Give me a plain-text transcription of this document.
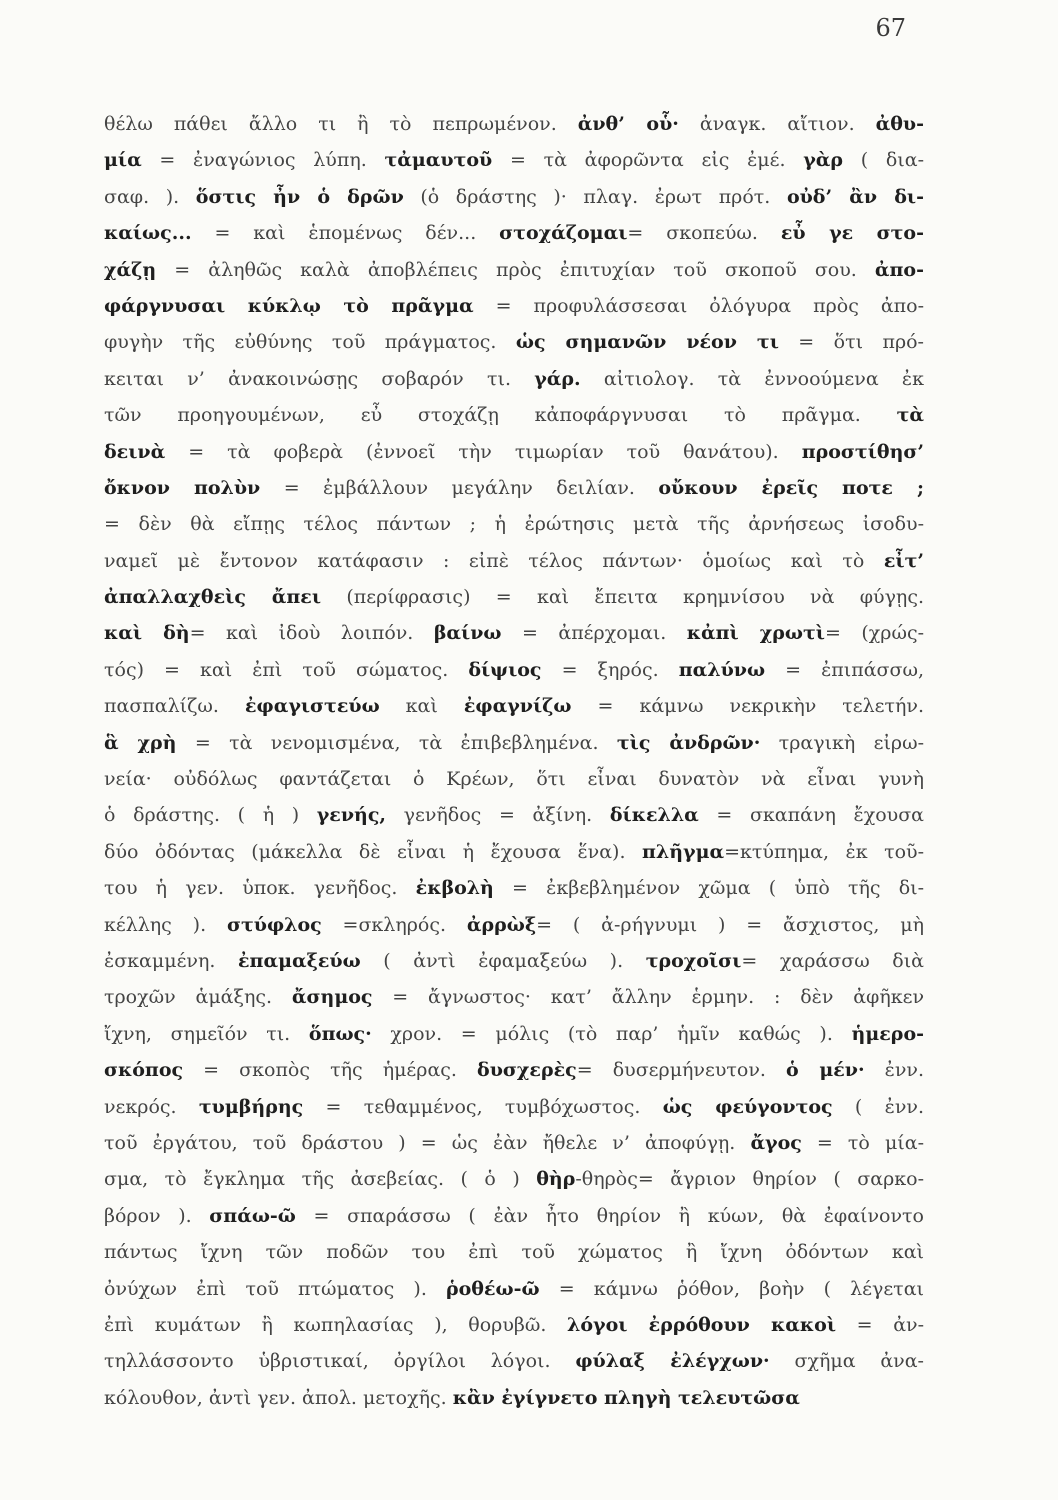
67
θέλω πάθει ἄλλο τι ἢ τὸ πεπρωμένον. ἀνθ’ οὗ· ἀναγκ. αἴτιον. ἀθυ-
μία = ἐναγώνιος λύπη. τἀμαυτοῦ = τὰ ἀφορῶντα εἰς ἐμέ. γὰρ ( δια-
σαφ. ). ὅστις ἦν ὁ δρῶν (ὁ δράστης )· πλαγ. ἐρωτ πρότ. οὐδ’ ἂν δι-
καίως... = καὶ ἑπομένως δέν... στοχάζομαι= σκοπεύω. εὖ γε στο-
χάζῃ = ἀληθῶς καλὰ ἀποβλέπεις πρὸς ἐπιτυχίαν τοῦ σκοποῦ σου. ἀπο-
φάργνυσαι κύκλῳ τὸ πρᾶγμα = προφυλάσσεσαι ὀλόγυρα πρὸς ἀπο-
φυγὴν τῆς εὐθύνης τοῦ πράγματος. ὡς σημανῶν νέον τι = ὅτι πρό-
κειται ν’ ἀνακοινώσῃς σοβαρόν τι. γάρ. αἰτιολογ. τὰ ἐννοούμενα ἐκ
τῶν προηγουμένων, εὖ στοχάζῃ κἀποφάργνυσαι τὸ πρᾶγμα. τὰ
δεινὰ = τὰ φοβερὰ (ἐννοεῖ τὴν τιμωρίαν τοῦ θανάτου). προστίθησ’
ὄκνον πολὺν = ἐμβάλλουν μεγάλην δειλίαν. οὔκουν ἐρεῖς ποτε ;
= δὲν θὰ εἴπῃς τέλος πάντων ; ἡ ἐρώτησις μετὰ τῆς ἀρνήσεως ἰσοδυ-
ναμεῖ μὲ ἔντονον κατάφασιν : εἰπὲ τέλος πάντων· ὁμοίως καὶ τὸ εἶτ’
ἀπαλλαχθεὶς ἄπει (περίφρασις) = καὶ ἔπειτα κρημνίσου νὰ φύγῃς.
καὶ δὴ= καὶ ἰδοὺ λοιπόν. βαίνω = ἀπέρχομαι. κἀπὶ χρωτὶ= (χρώς-
τός) = καὶ ἐπὶ τοῦ σώματος. δίψιος = ξηρός. παλύνω = ἐπιπάσσω,
πασπαλίζω. ἐφαγιστεύω καὶ ἐφαγνίζω = κάμνω νεκρικὴν τελετήν.
ἃ χρὴ = τὰ νενομισμένα, τὰ ἐπιβεβλημένα. τὶς ἀνδρῶν· τραγικὴ εἰρω-
νεία· οὐδόλως φαντάζεται ὁ Κρέων, ὅτι εἶναι δυνατὸν νὰ εἶναι γυνὴ
ὁ δράστης. ( ἡ ) γενής, γενῆδος = ἀξίνη. δίκελλα = σκαπάνη ἔχουσα
δύο ὀδόντας (μάκελλα δὲ εἶναι ἡ ἔχουσα ἕνα). πλῆγμα=κτύπημα, ἐκ τοῦ-
του ἡ γεν. ὑποκ. γενῆδος. ἐκβολὴ = ἐκβεβλημένον χῶμα ( ὑπὸ τῆς δι-
κέλλης ). στύφλος =σκληρός. ἀρρὼξ= ( ἀ-ρήγνυμι ) = ἄσχιστος, μὴ
ἐσκαμμένη. ἐπαμαξεύω ( ἀντὶ ἐφαμαξεύω ). τροχοῖσι= χαράσσω διὰ
τροχῶν ἁμάξης. ἄσημος = ἄγνωστος· κατ’ ἄλλην ἑρμην. : δὲν ἀφῆκεν
ἴχνη, σημεῖόν τι. ὅπως· χρον. = μόλις (τὸ παρ’ ἡμῖν καθώς ). ἡμερο-
σκόπος = σκοπὸς τῆς ἡμέρας. δυσχερὲς= δυσερμήνευτον. ὁ μέν· ἐνν.
νεκρός. τυμβήρης = τεθαμμένος, τυμβόχωστος. ὡς φεύγοντος ( ἐνν.
τοῦ ἐργάτου, τοῦ δράστου ) = ὡς ἐὰν ἤθελε ν’ ἀποφύγῃ. ἄγος = τὸ μία-
σμα, τὸ ἔγκλημα τῆς ἀσεβείας. ( ὁ ) θὴρ-θηρὸς= ἄγριον θηρίον ( σαρκο-
βόρον ). σπάω-ῶ = σπαράσσω ( ἐὰν ἦτο θηρίον ἢ κύων, θὰ ἐφαίνοντο
πάντως ἴχνη τῶν ποδῶν του ἐπὶ τοῦ χώματος ἢ ἴχνη ὀδόντων καὶ
ὀνύχων ἐπὶ τοῦ πτώματος ). ῥοθέω-ῶ = κάμνω ῥόθον, βοὴν ( λέγεται
ἐπὶ κυμάτων ἢ κωπηλασίας ), θορυβῶ. λόγοι ἐρρόθουν κακοὶ = ἀν-
τηλλάσσοντο ὑβριστικαί, ὀργίλοι λόγοι. φύλαξ ἐλέγχων· σχῆμα ἀνα-
κόλουθον, ἀντὶ γεν. ἀπολ. μετοχῆς. κἂν ἐγίγνετο πληγὴ τελευτῶσα
